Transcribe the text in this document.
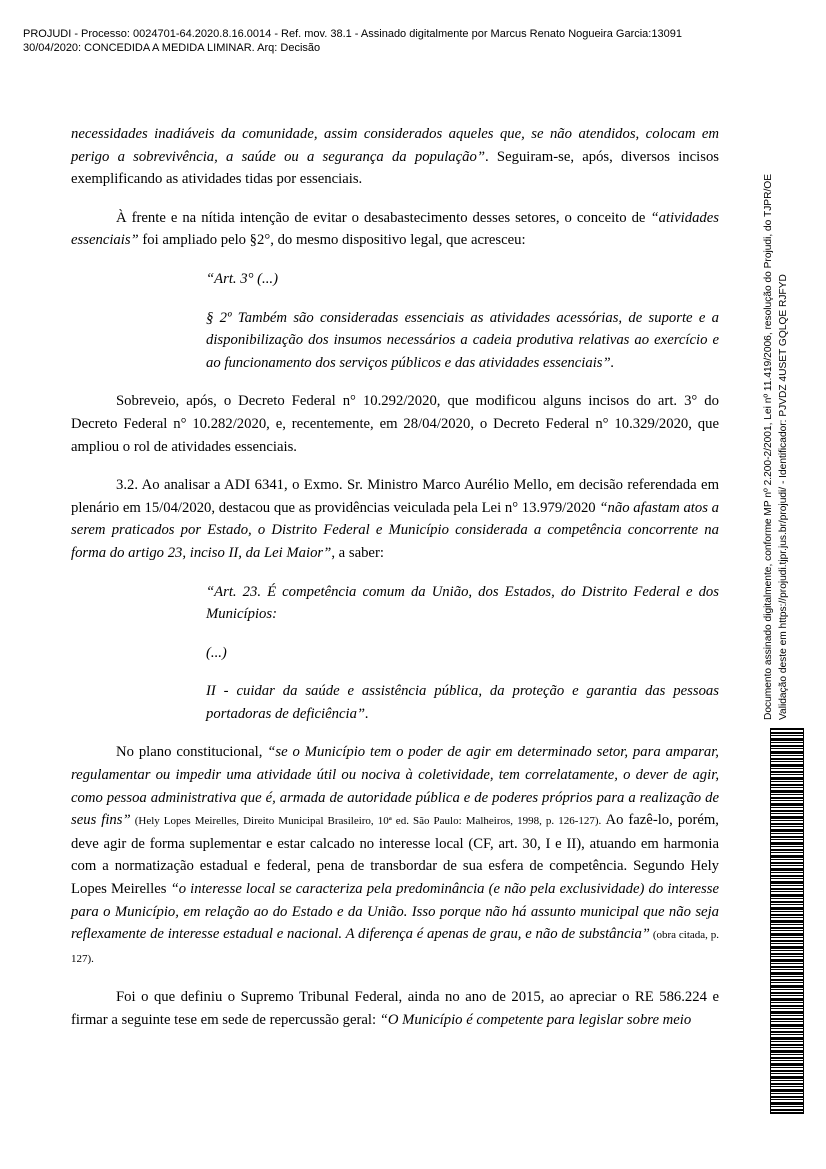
PROJUDI - Processo: 0024701-64.2020.8.16.0014 - Ref. mov. 38.1 - Assinado digitalmente por Marcus Renato Nogueira Garcia:13091
30/04/2020: CONCEDIDA A MEDIDA LIMINAR. Arq: Decisão

necessidades inadiáveis da comunidade, assim considerados aqueles que, se não atendidos, colocam em perigo a sobrevivência, a saúde ou a segurança da população”. Seguiram-se, após, diversos incisos exemplificando as atividades tidas por essenciais.

À frente e na nítida intenção de evitar o desabastecimento desses setores, o conceito de “atividades essenciais” foi ampliado pelo §2°, do mesmo dispositivo legal, que acresceu:

“Art. 3° (...)

§ 2º Também são consideradas essenciais as atividades acessórias, de suporte e a disponibilização dos insumos necessários a cadeia produtiva relativas ao exercício e ao funcionamento dos serviços públicos e das atividades essenciais”.

Sobreveio, após, o Decreto Federal n° 10.292/2020, que modificou alguns incisos do art. 3° do Decreto Federal n° 10.282/2020, e, recentemente, em 28/04/2020, o Decreto Federal n° 10.329/2020, que ampliou o rol de atividades essenciais.

3.2. Ao analisar a ADI 6341, o Exmo. Sr. Ministro Marco Aurélio Mello, em decisão referendada em plenário em 15/04/2020, destacou que as providências veiculada pela Lei n° 13.979/2020 “não afastam atos a serem praticados por Estado, o Distrito Federal e Município considerada a competência concorrente na forma do artigo 23, inciso II, da Lei Maior”, a saber:

“Art. 23. É competência comum da União, dos Estados, do Distrito Federal e dos Municípios:

(...)

II - cuidar da saúde e assistência pública, da proteção e garantia das pessoas portadoras de deficiência”.

No plano constitucional, “se o Município tem o poder de agir em determinado setor, para amparar, regulamentar ou impedir uma atividade útil ou nociva à coletividade, tem correlatamente, o dever de agir, como pessoa administrativa que é, armada de autoridade pública e de poderes próprios para a realização de seus fins” (Hely Lopes Meirelles, Direito Municipal Brasileiro, 10ª ed. São Paulo: Malheiros, 1998, p. 126-127). Ao fazê-lo, porém, deve agir de forma suplementar e estar calcado no interesse local (CF, art. 30, I e II), atuando em harmonia com a normatização estadual e federal, pena de transbordar de sua esfera de competência. Segundo Hely Lopes Meirelles “o interesse local se caracteriza pela predominância (e não pela exclusividade) do interesse para o Município, em relação ao do Estado e da União. Isso porque não há assunto municipal que não seja reflexamente de interesse estadual e nacional. A diferença é apenas de grau, e não de substância” (obra citada, p. 127).

Foi o que definiu o Supremo Tribunal Federal, ainda no ano de 2015, ao apreciar o RE 586.224 e firmar a seguinte tese em sede de repercussão geral: “O Município é competente para legislar sobre meio

Documento assinado digitalmente, conforme MP nº 2.200-2/2001, Lei nº 11.419/2006, resolução do Projudi, do TJPR/OE Validação deste em https://projudi.tjpr.jus.br/projudi/ - Identificador: PJVDZ 4USET GQLQE RJFYD
